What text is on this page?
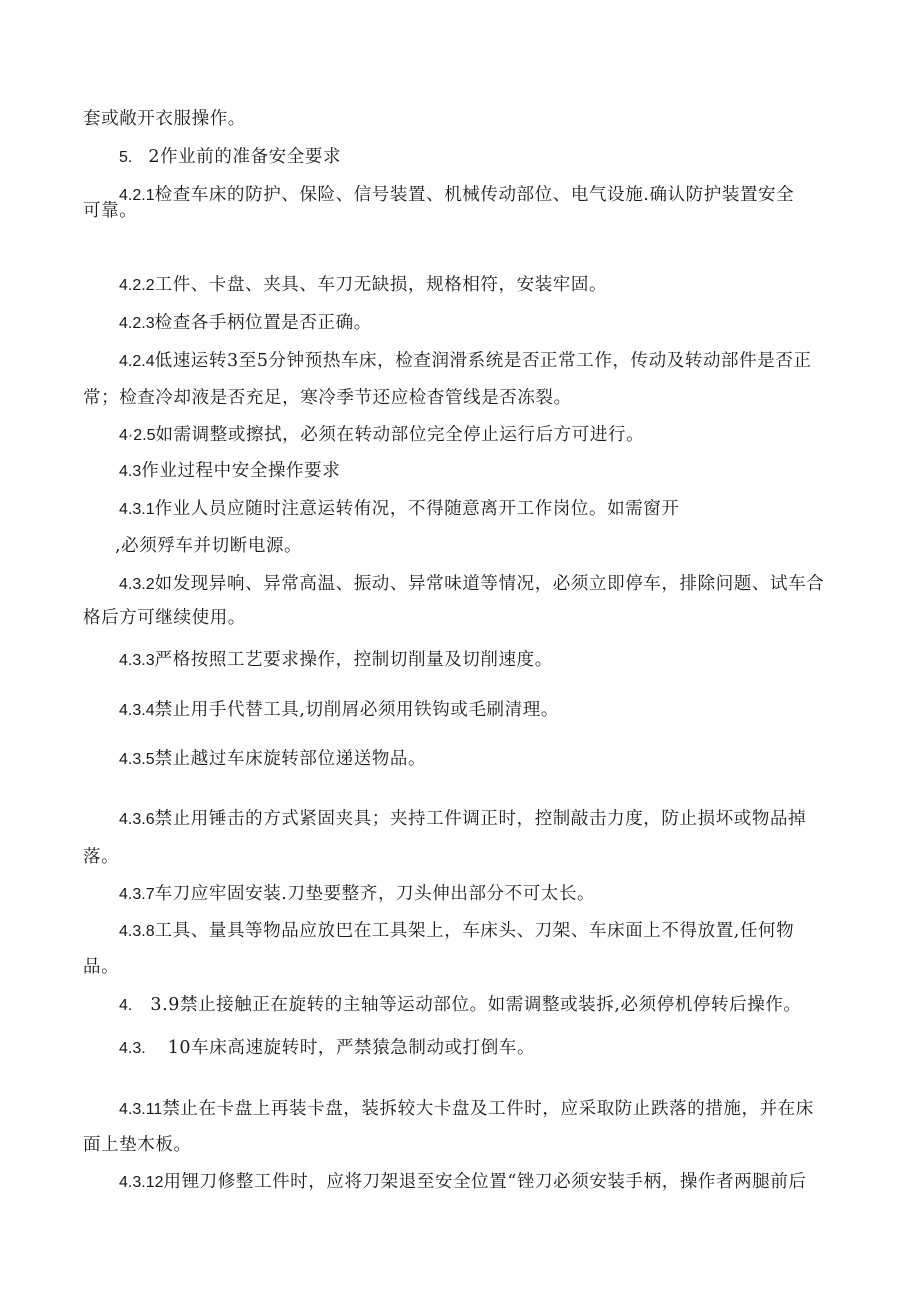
套或敞开衣服操作。
5. 2作业前的准备安全要求
4.2.1检查车床的防护、保险、信号装置、机械传动部位、电气设施.确认防护装置安全
可靠。
4.2.2工件、卡盘、夹具、车刀无缺损，规格相符，安装牢固。
4.2.3检查各手柄位置是否正确。
4.2.4低速运转3至5分钟预热车床，检查润滑系统是否正常工作，传动及转动部件是否正
常；检查冷却液是否充足，寒冷季节还应检杳管线是否冻裂。
4·2.5如需调整或擦拭，必须在转动部位完全停止运行后方可进行。
4.3作业过程中安全操作要求
4.3.1作业人员应随时注意运转侑况，不得随意离开工作岗位。如需窗开
,必须殍车并切断电源。
4.3.2如发现异响、异常高温、振动、异常味道等情况，必须立即停车，排除问题、试车合
格后方可继续使用。
4.3.3严格按照工艺要求操作，控制切削量及切削速度。
4.3.4禁止用手代替工具,切削屑必须用铁钩或毛刷清理。
4.3.5禁止越过车床旋转部位递送物品。
4.3.6禁止用锤击的方式紧固夹具；夹持工件调正时，控制敲击力度，防止损坏或物品掉
落。
4.3.7车刀应牢固安装.刀垫要整齐，刀头伸出部分不可太长。
4.3.8工具、量具等物品应放巴在工具架上，车床头、刀架、车床面上不得放置,任何物
品。
4. 3.9禁止接触正在旋转的主轴等运动部位。如需调整或装拆,必须停机停转后操作。
4.3. 10车床高速旋转时，严禁猿急制动或打倒车。
4.3.11禁止在卡盘上再装卡盘，装拆较大卡盘及工件时，应采取防止跌落的措施，并在床
面上垫木板。
4.3.12用锂刀修整工件时，应将刀架退至安全位置“锉刀必须安装手柄，操作者两腿前后
